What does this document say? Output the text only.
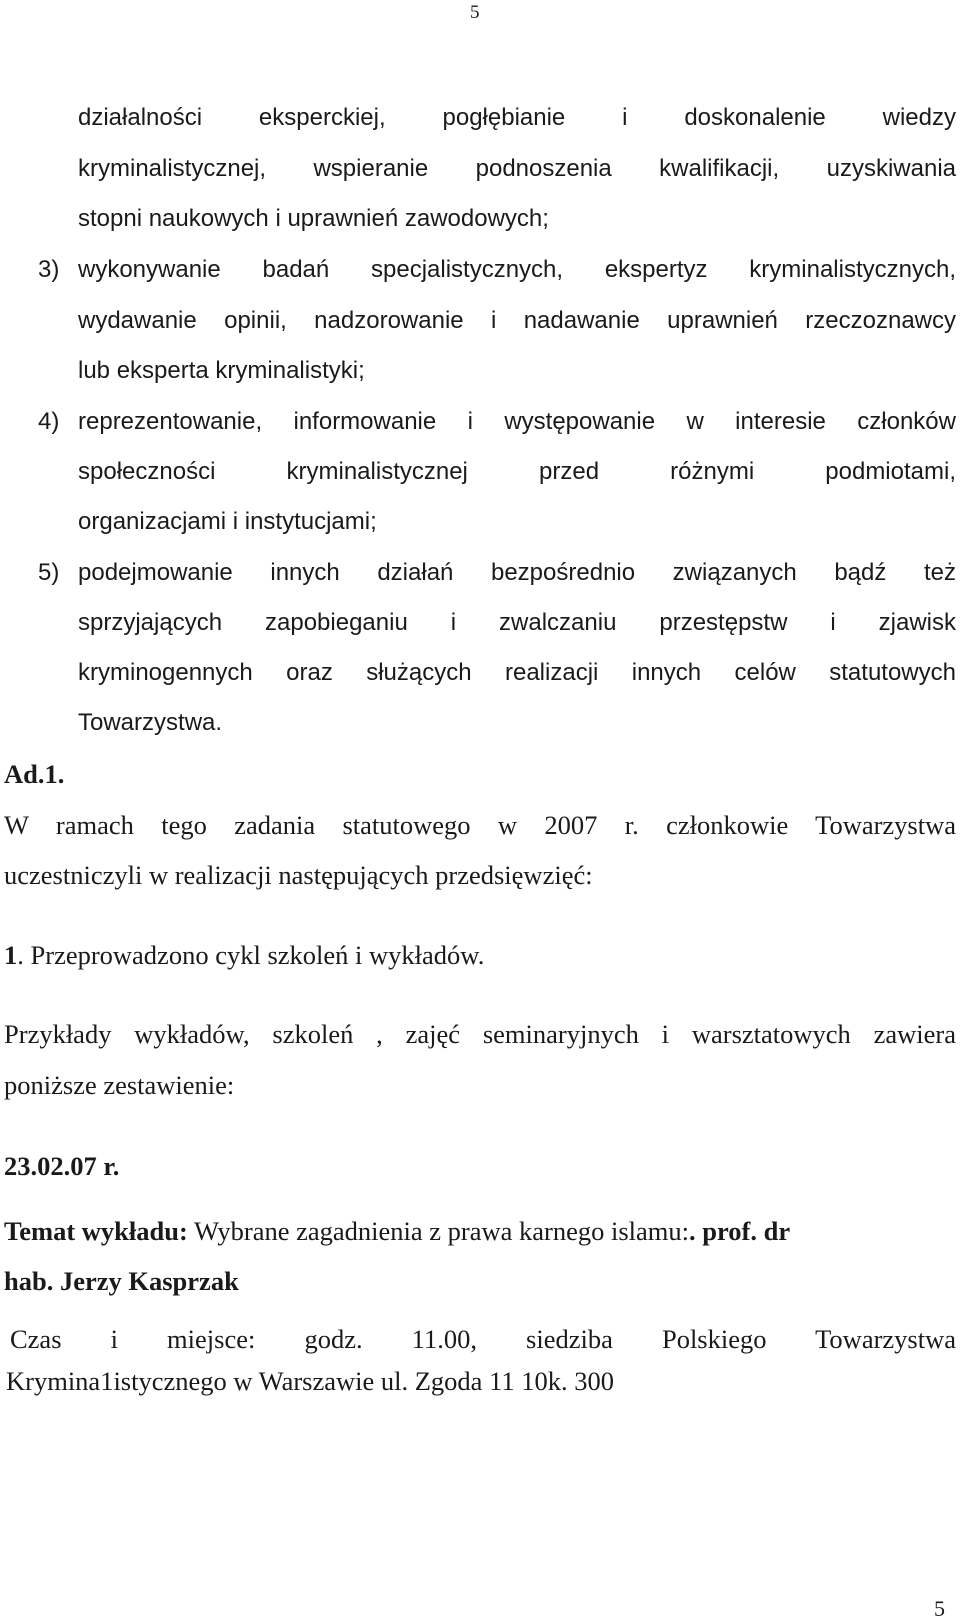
5
działalności eksperckiej, pogłębianie i doskonalenie wiedzy
kryminalistycznej, wspieranie podnoszenia kwalifikacji, uzyskiwania
stopni naukowych i uprawnień zawodowych;
3) wykonywanie badań specjalistycznych, ekspertyz kryminalistycznych,
wydawanie opinii, nadzorowanie i nadawanie uprawnień rzeczoznawcy
lub eksperta kryminalistyki;
4) reprezentowanie, informowanie i występowanie w interesie członków
społeczności kryminalistycznej przed różnymi podmiotami,
organizacjami i instytucjami;
5) podejmowanie innych działań bezpośrednio związanych bądź też
sprzyjających zapobieganiu i zwalczaniu przestępstw i zjawisk
kryminogennych oraz służących realizacji innych celów statutowych
Towarzystwa.
Ad.1.
W ramach tego zadania statutowego w 2007 r. członkowie Towarzystwa
uczestniczyli w realizacji następujących przedsięwzięć:
1. Przeprowadzono cykl szkoleń i wykładów.
Przykłady wykładów, szkoleń , zajęć seminaryjnych i warsztatowych zawiera
poniższe zestawienie:
23.02.07 r.
Temat wykładu: Wybrane zagadnienia z prawa karnego islamu:. prof. dr
hab. Jerzy Kasprzak
Czas i miejsce: godz. 11.00, siedziba Polskiego Towarzystwa
Krymina1istycznego w Warszawie ul. Zgoda 11 10k. 300
5
